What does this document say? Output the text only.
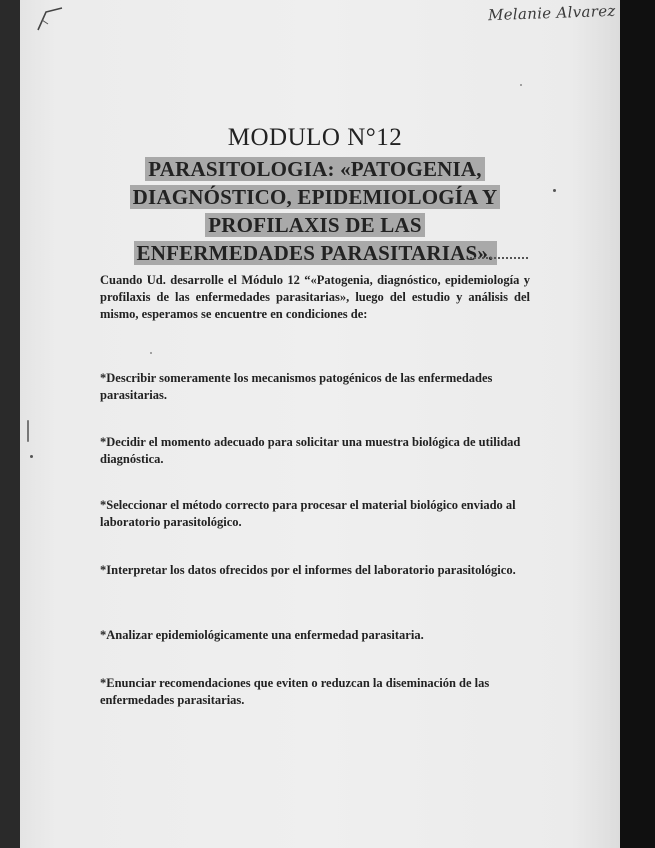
Melanie Alvarez
MODULO N°12
PARASITOLOGIA: «PATOGENIA,
DIAGNÓSTICO, EPIDEMIOLOGÍA Y
PROFILAXIS DE LAS
ENFERMEDADES PARASITARIAS».

Cuando Ud. desarrolle el Módulo 12 “«Patogenia, diagnóstico, epidemiología y profilaxis de las enfermedades parasitarias», luego del estudio y análisis del mismo, esperamos se encuentre en condiciones de:

*Describir someramente los mecanismos patogénicos de las enfermedades parasitarias.

*Decidir el momento adecuado para solicitar una muestra biológica de utilidad diagnóstica.

*Seleccionar el método correcto para procesar el material biológico enviado al laboratorio parasitológico.

*Interpretar los datos ofrecidos por el informes del laboratorio parasitológico.

*Analizar epidemiológicamente una enfermedad parasitaria.

*Enunciar recomendaciones que eviten o reduzcan la diseminación de las enfermedades parasitarias.
